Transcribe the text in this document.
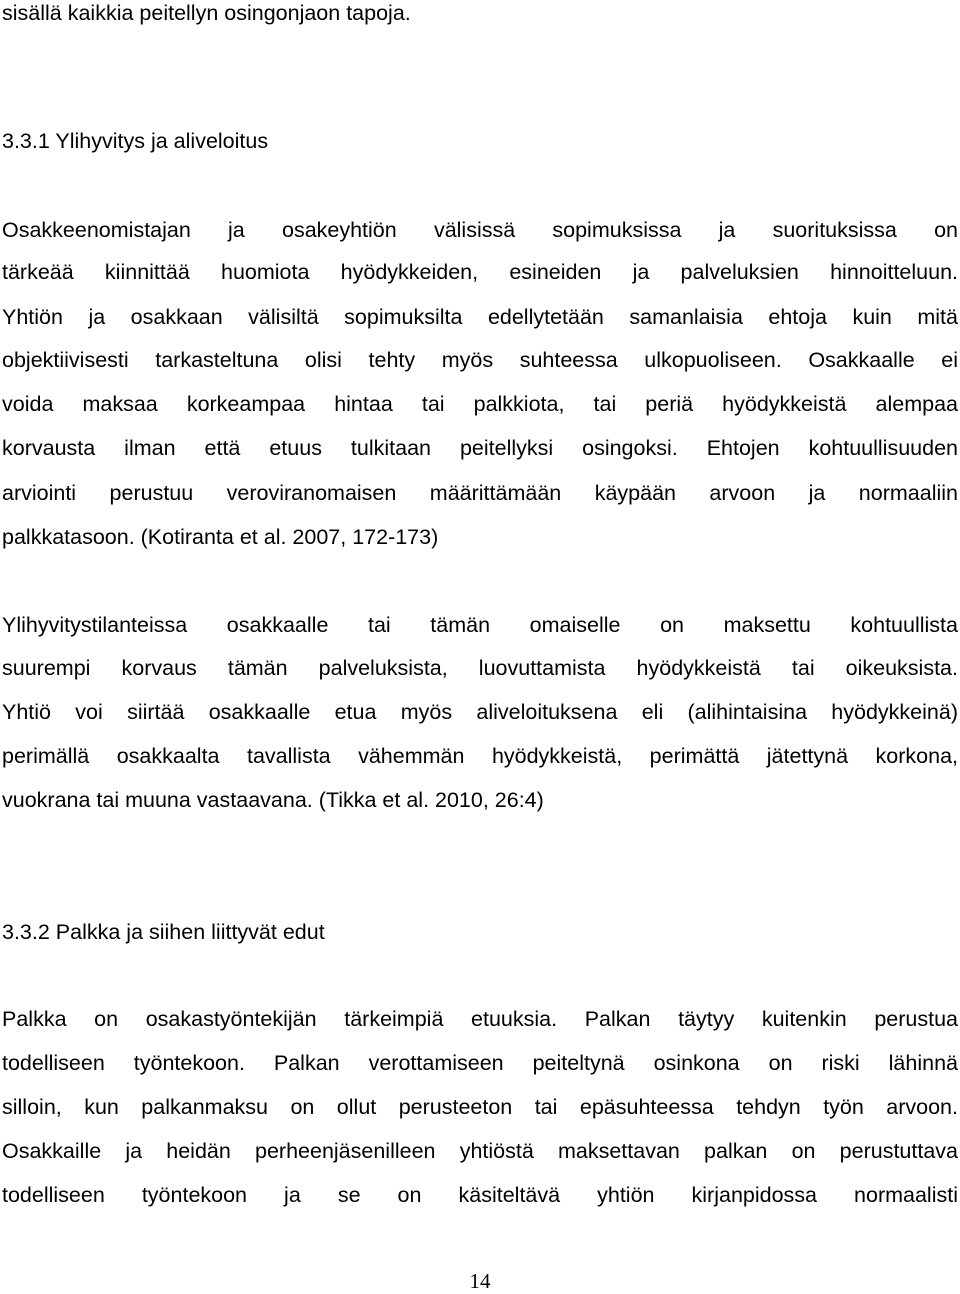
sisällä kaikkia peitellyn osingonjaon tapoja.
3.3.1 Ylihyvitys ja aliveloitus
Osakkeenomistajan ja osakeyhtiön välisissä sopimuksissa ja suorituksissa on
tärkeää kiinnittää huomiota hyödykkeiden, esineiden ja palveluksien hinnoitteluun.
Yhtiön ja osakkaan välisiltä sopimuksilta edellytetään samanlaisia ehtoja kuin mitä
objektiivisesti tarkasteltuna olisi tehty myös suhteessa ulkopuoliseen. Osakkaalle ei
voida maksaa korkeampaa hintaa tai palkkiota, tai periä hyödykkeistä alempaa
korvausta ilman että etuus tulkitaan peitellyksi osingoksi. Ehtojen kohtuullisuuden
arviointi perustuu veroviranomaisen määrittämään käypään arvoon ja normaaliin
palkkatasoon. (Kotiranta et al. 2007, 172-173)
Ylihyvitystilanteissa osakkaalle tai tämän omaiselle on maksettu kohtuullista
suurempi korvaus tämän palveluksista, luovuttamista hyödykkeistä tai oikeuksista.
Yhtiö voi siirtää osakkaalle etua myös aliveloituksena eli (alihintaisina hyödykkeinä)
perimällä osakkaalta tavallista vähemmän hyödykkeistä, perimättä jätettynä korkona,
vuokrana tai muuna vastaavana. (Tikka et al. 2010, 26:4)
3.3.2 Palkka ja siihen liittyvät edut
Palkka on osakastyöntekijän tärkeimpiä etuuksia. Palkan täytyy kuitenkin perustua
todelliseen työntekoon. Palkan verottamiseen peiteltynä osinkona on riski lähinnä
silloin, kun palkanmaksu on ollut perusteeton tai epäsuhteessa tehdyn työn arvoon.
Osakkaille ja heidän perheenjäsenilleen yhtiöstä maksettavan palkan on perustuttava
todelliseen työntekoon ja se on käsiteltävä yhtiön kirjanpidossa normaalisti
14
